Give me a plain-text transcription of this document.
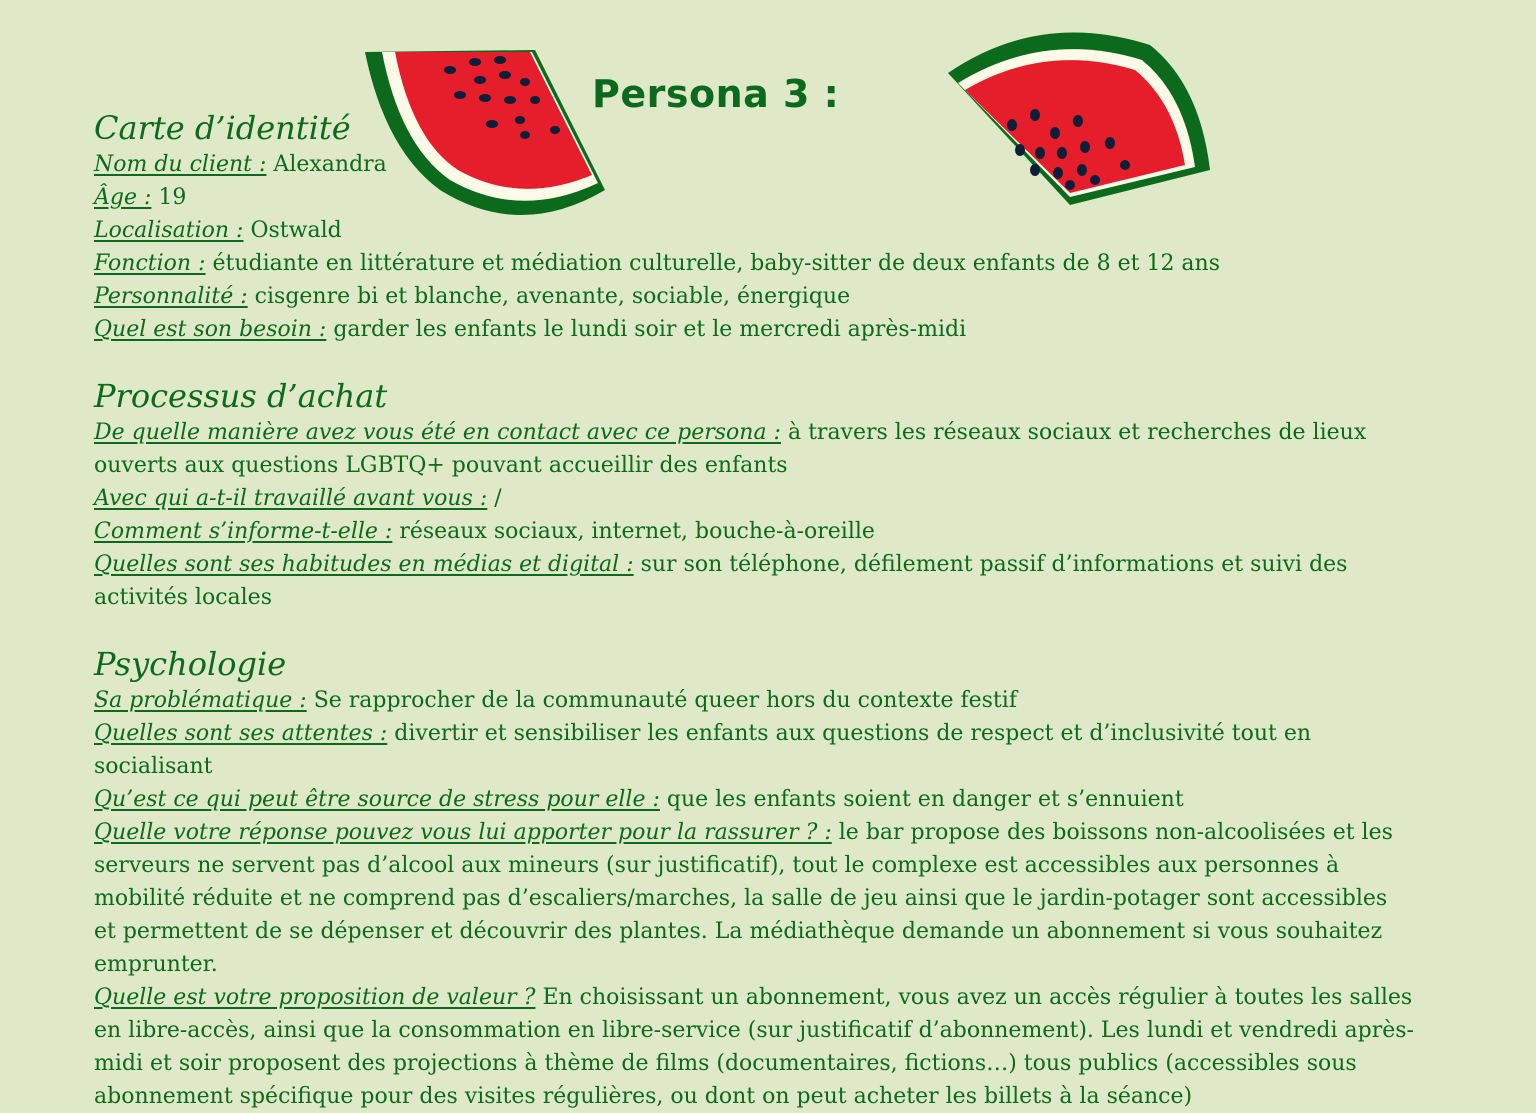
Persona 3 :
Carte d’identité

Nom du client : Alexandra

Âge : 19

Localisation : Ostwald

Fonction : étudiante en littérature et médiation culturelle, baby-sitter de deux enfants de 8 et 12 ans

Personnalité : cisgenre bi et blanche, avenante, sociable, énergique

Quel est son besoin : garder les enfants le lundi soir et le mercredi après-midi

Processus d’achat

De quelle manière avez vous été en contact avec ce persona : à travers les réseaux sociaux et recherches de lieux ouverts aux questions LGBTQ+ pouvant accueillir des enfants

Avec qui a-t-il travaillé avant vous : /

Comment s’informe-t-elle : réseaux sociaux, internet, bouche-à-oreille

Quelles sont ses habitudes en médias et digital : sur son téléphone, défilement passif d’informations et suivi des activités locales

Psychologie

Sa problématique : Se rapprocher de la communauté queer hors du contexte festif

Quelles sont ses attentes : divertir et sensibiliser les enfants aux questions de respect et d’inclusivité tout en socialisant

Qu’est ce qui peut être source de stress pour elle : que les enfants soient en danger et s’ennuient

Quelle votre réponse pouvez vous lui apporter pour la rassurer ? : le bar propose des boissons non-alcoolisées et les serveurs ne servent pas d’alcool aux mineurs (sur justificatif), tout le complexe est accessibles aux personnes à mobilité réduite et ne comprend pas d’escaliers/marches, la salle de jeu ainsi que le jardin-potager sont accessibles et permettent de se dépenser et découvrir des plantes. La médiathèque demande un abonnement si vous souhaitez emprunter.

Quelle est votre proposition de valeur ? En choisissant un abonnement, vous avez un accès régulier à toutes les salles en libre-accès, ainsi que la consommation en libre-service (sur justificatif d’abonnement). Les lundi et vendredi après-midi et soir proposent des projections à thème de films (documentaires, fictions…) tous publics (accessibles sous abonnement spécifique pour des visites régulières, ou dont on peut acheter les billets à la séance)
